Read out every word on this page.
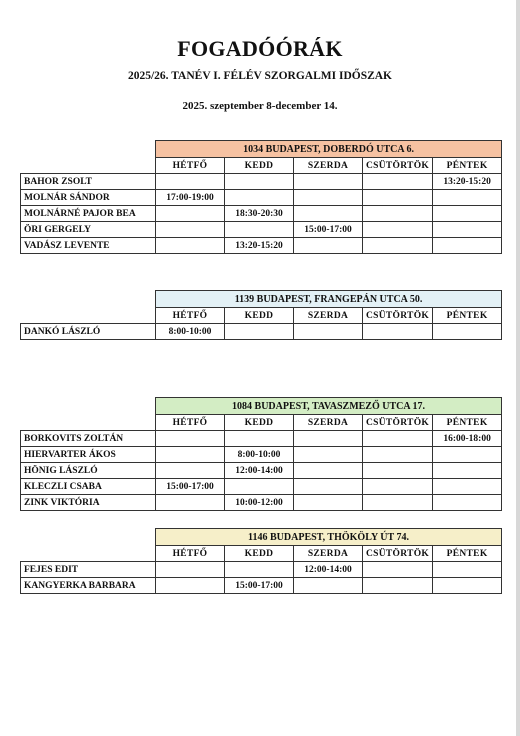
FOGADÓÓRÁK
2025/26. TANÉV I. FÉLÉV SZORGALMI IDŐSZAK
2025. szeptember 8-december 14.
	1034 BUDAPEST, DOBERDÓ UTCA 6.				
	HÉTFŐ	KEDD	SZERDA	CSÜTÖRTÖK	PÉNTEK
BAHOR ZSOLT					13:20-15:20
MOLNÁR SÁNDOR	17:00-19:00				
MOLNÁRNÉ PAJOR BEA		18:30-20:30			
ÖRI GERGELY			15:00-17:00		
VADÁSZ LEVENTE		13:20-15:20			
	1139 BUDAPEST, FRANGEPÁN UTCA 50.				
	HÉTFŐ	KEDD	SZERDA	CSÜTÖRTÖK	PÉNTEK
DANKÓ LÁSZLÓ	8:00-10:00				
	1084 BUDAPEST, TAVASZMEZŐ UTCA 17.				
	HÉTFŐ	KEDD	SZERDA	CSÜTÖRTÖK	PÉNTEK
BORKOVITS ZOLTÁN					16:00-18:00
HIERVARTER ÁKOS		8:00-10:00			
HÖNIG LÁSZLÓ		12:00-14:00			
KLECZLI CSABA	15:00-17:00				
ZINK VIKTÓRIA		10:00-12:00			
	1146 BUDAPEST, THÖKÖLY ÚT 74.				
	HÉTFŐ	KEDD	SZERDA	CSÜTÖRTÖK	PÉNTEK
FEJES EDIT			12:00-14:00		
KANGYERKA BARBARA		15:00-17:00			
